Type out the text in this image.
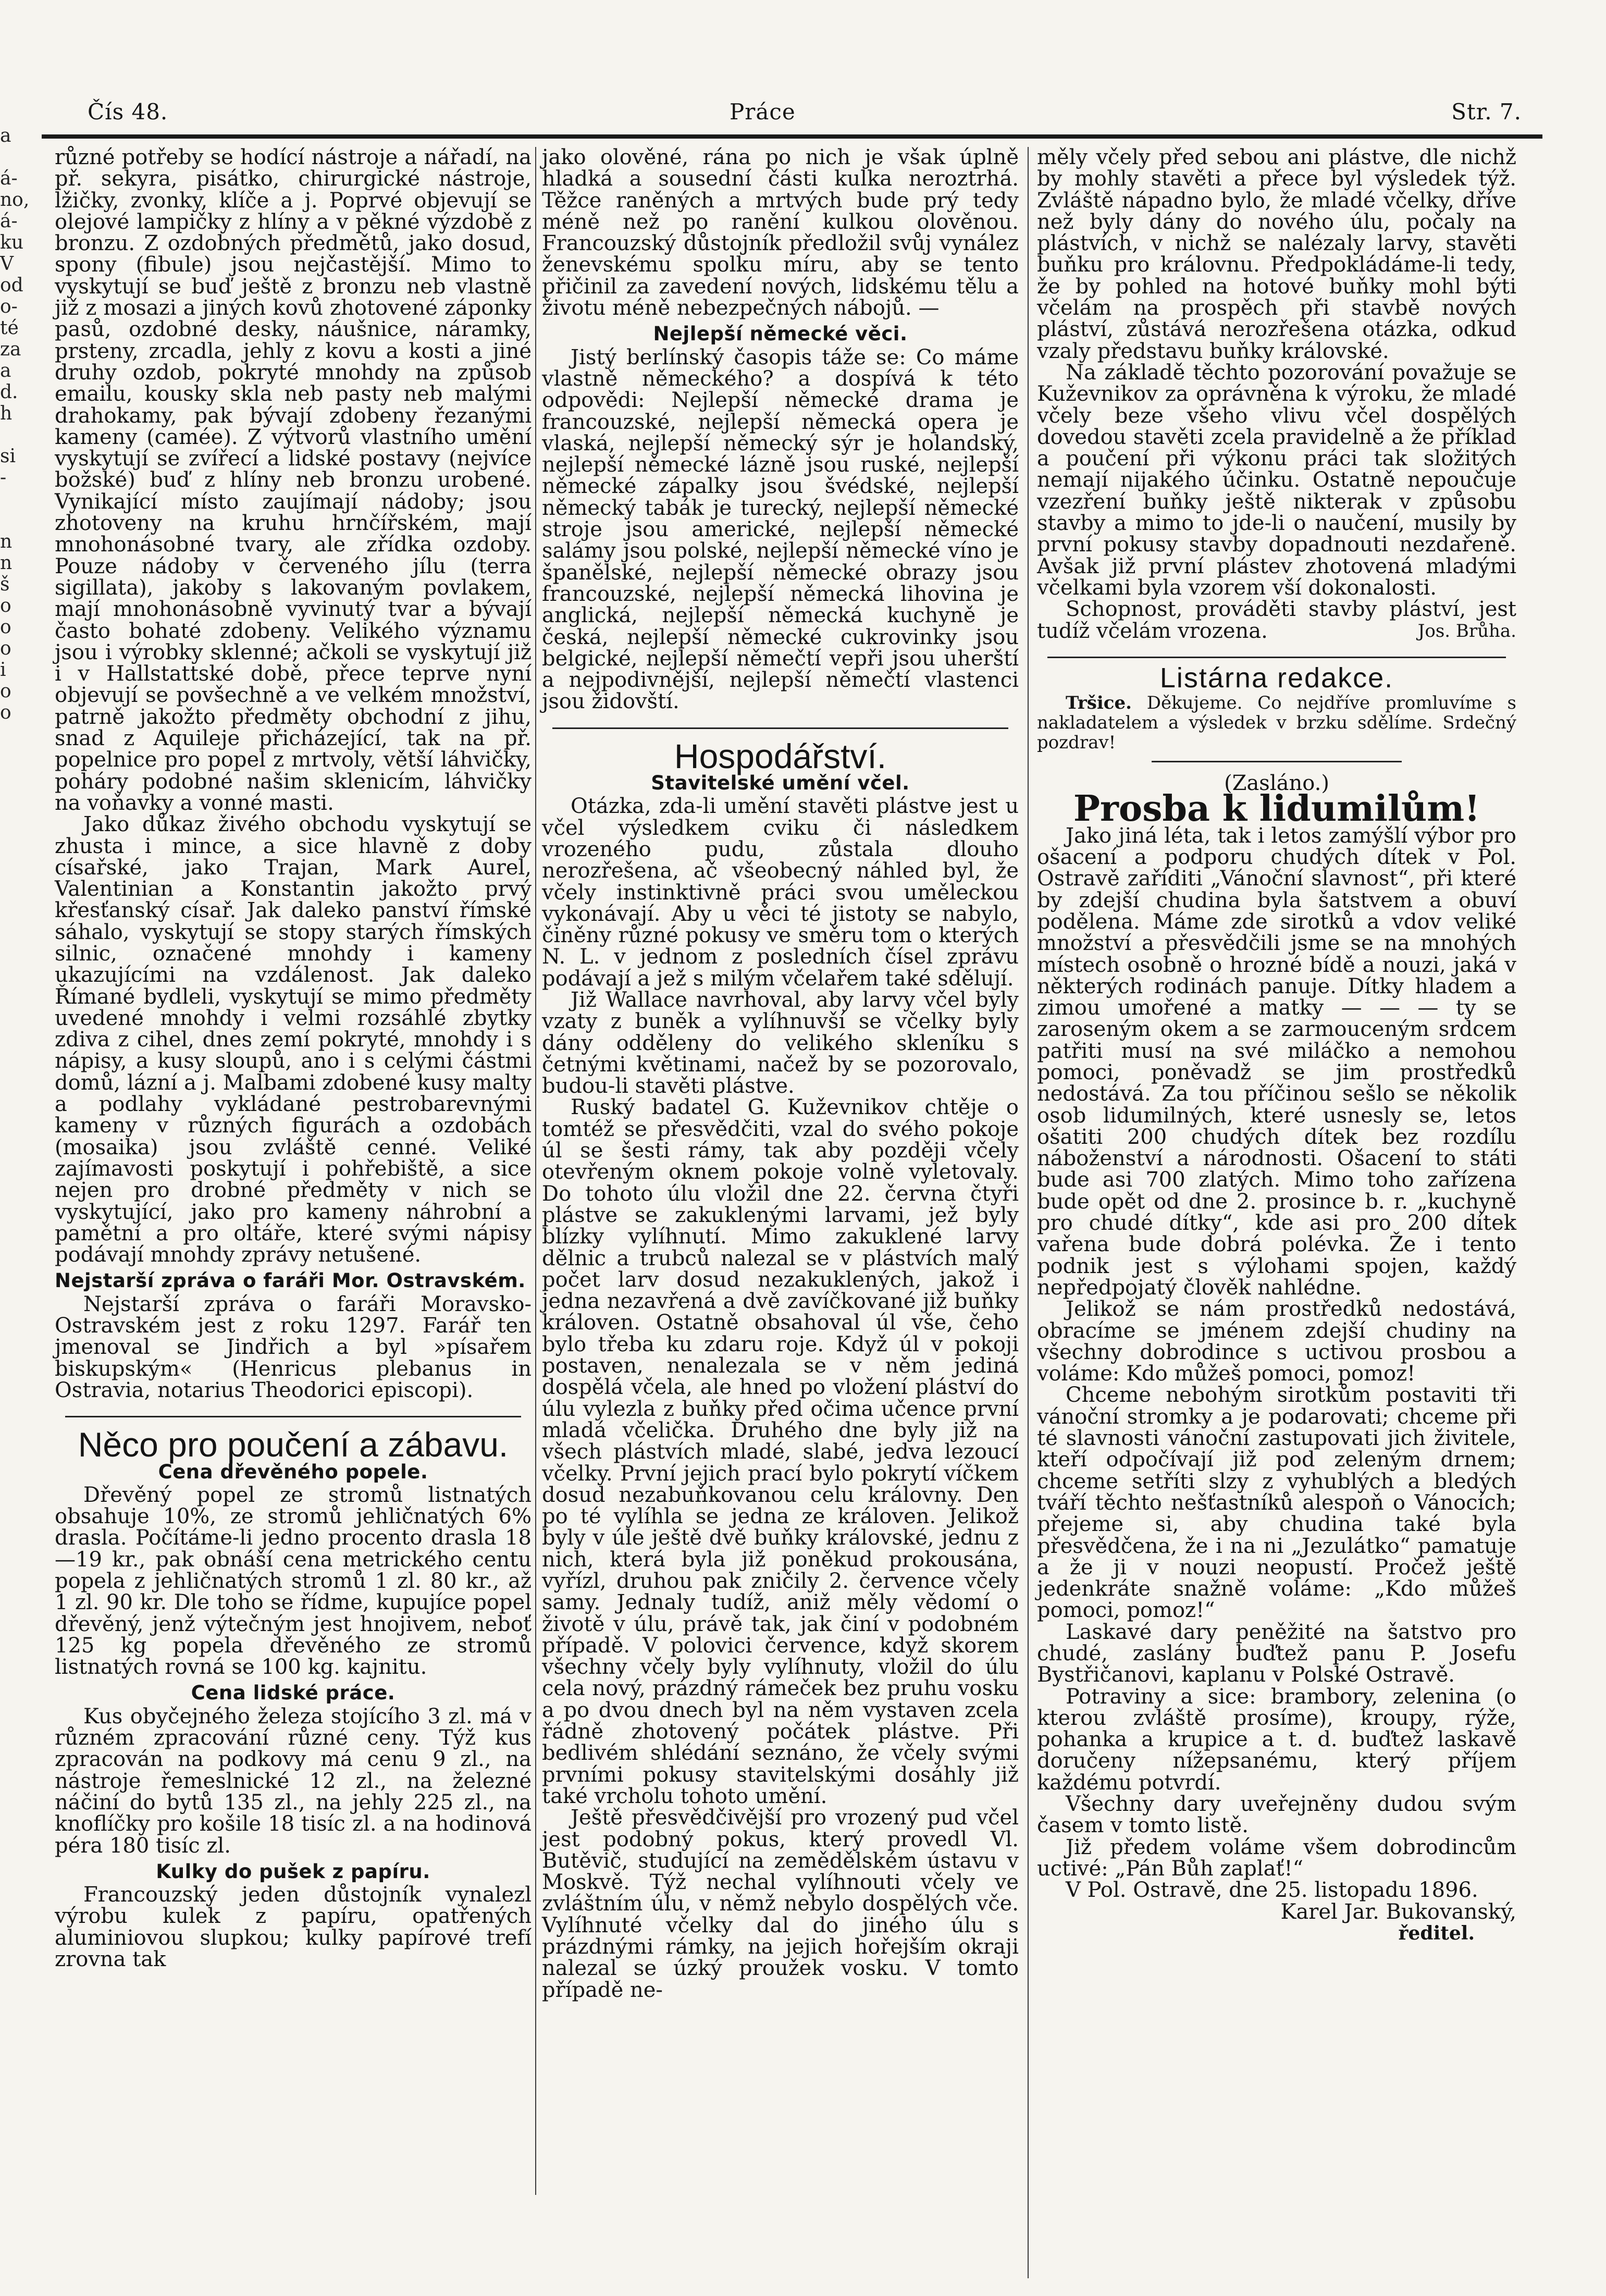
a

á-
no,
á-
ku
V
od
o-
té
za
a
d.
h

si
-

n
n
š
o
o
o
i
o
o
Čís 48.	Práce	Str. 7.

různé potřeby se hodící nástroje a nářadí, na př. sekyra, pisátko, chirurgické nástroje, lžičky, zvonky, klíče a j. Poprvé objevují se olejové lampičky z hlíny a v pěkné výzdobě z bronzu. Z ozdobných předmětů, jako dosud, spony (fibule) jsou nejčastější. Mimo to vyskytují se buď ještě z bronzu neb vlastně již z mosazi a jiných kovů zhotovené záponky pasů, ozdobné desky, náušnice, náramky, prsteny, zrcadla, jehly z kovu a kosti a jiné druhy ozdob, pokryté mnohdy na způsob emailu, kousky skla neb pasty neb malými drahokamy, pak bývají zdobeny řezanými kameny (camée). Z výtvorů vlastního umění vyskytují se zvířecí a lidské postavy (nejvíce božské) buď z hlíny neb bronzu urobené. Vynikající místo zaujímají nádoby; jsou zhotoveny na kruhu hrnčířském, mají mnohonásobné tvary, ale zřídka ozdoby. Pouze nádoby v červeného jílu (terra sigillata), jakoby s lakovaným povlakem, mají mnohonásobně vyvinutý tvar a bývají často bohaté zdobeny. Velikého významu jsou i výrobky sklenné; ačkoli se vyskytují již i v Hallstattské době, přece teprve nyní objevují se povšechně a ve velkém množství, patrně jakožto předměty obchodní z jihu, snad z Aquileje přicházející, tak na př. popelnice pro popel z mrtvoly, větší láhvičky, poháry podobné našim sklenicím, láhvičky na voňavky a vonné masti.

Jako důkaz živého obchodu vyskytují se zhusta i mince, a sice hlavně z doby císařské, jako Trajan, Mark Aurel, Valentinian a Konstantin jakožto prvý křesťanský císař. Jak daleko panství římské sáhalo, vyskytují se stopy starých římských silnic, označené mnohdy i kameny ukazujícími na vzdálenost. Jak daleko Římané bydleli, vyskytují se mimo předměty uvedené mnohdy i velmi rozsáhlé zbytky zdiva z cihel, dnes zemí pokryté, mnohdy i s nápisy, a kusy sloupů, ano i s celými částmi domů, lázní a j. Malbami zdobené kusy malty a podlahy vykládané pestrobarevnými kameny v různých figurách a ozdobách (mosaika) jsou zvláště cenné. Veliké zajímavosti poskytují i pohřebiště, a sice nejen pro drobné předměty v nich se vyskytující, jako pro kameny náhrobní a pamětní a pro oltáře, které svými nápisy podávají mnohdy zprávy netušené.

Nejstarší zpráva o faráři Mor. Ostravském.

Nejstarší zpráva o faráři Moravsko-Ostravském jest z roku 1297. Farář ten jmenoval se Jindřich a byl »písařem biskupským« (Henricus plebanus in Ostravia, notarius Theodorici episcopi).

Něco pro poučení a zábavu.
Cena dřevěného popele.

Dřevěný popel ze stromů listnatých obsahuje 10%, ze stromů jehličnatých 6% drasla. Počítáme-li jedno procento drasla 18—19 kr., pak obnáší cena metrického centu popela z jehličnatých stromů 1 zl. 80 kr., až 1 zl. 90 kr. Dle toho se řídme, kupujíce popel dřevěný, jenž výtečným jest hnojivem, neboť 125 kg popela dřevěného ze stromů listnatých rovná se 100 kg. kajnitu.

Cena lidské práce.

Kus obyčejného železa stojícího 3 zl. má v různém zpracování různé ceny. Týž kus zpracován na podkovy má cenu 9 zl., na nástroje řemeslnické 12 zl., na železné náčiní do bytů 135 zl., na jehly 225 zl., na knoflíčky pro košile 18 tisíc zl. a na hodinová péra 180 tisíc zl.

Kulky do pušek z papíru.

Francouzský jeden důstojník vynalezl výrobu kulek z papíru, opatřených aluminiovou slupkou; kulky papírové trefí zrovna tak

jako olověné, rána po nich je však úplně hladká a sousední části kulka neroztrhá. Těžce raněných a mrtvých bude prý tedy méně než po ranění kulkou olověnou. Francouzský důstojník předložil svůj vynález ženevskému spolku míru, aby se tento přičinil za zavedení nových, lidskému tělu a životu méně nebezpečných nábojů. —

Nejlepší německé věci.

Jistý berlínský časopis táže se: Co máme vlastně německého? a dospívá k této odpovědi: Nejlepší německé drama je francouzské, nejlepší německá opera je vlaská, nejlepší německý sýr je holandský, nejlepší německé lázně jsou ruské, nejlepší německé zápalky jsou švédské, nejlepší německý tabák je turecký, nejlepší německé stroje jsou americké, nejlepší německé salámy jsou polské, nejlepší německé víno je španělské, nejlepší německé obrazy jsou francouzské, nejlepší německá lihovina je anglická, nejlepší německá kuchyně je česká, nejlepší německé cukrovinky jsou belgické, nejlepší němečtí vepři jsou uherští a nejpodivnější, nejlepší němečtí vlastenci jsou židovští.

Hospodářství.
Stavitelské umění včel.

Otázka, zda-li umění stavěti plástve jest u včel výsledkem cviku či následkem vrozeného pudu, zůstala dlouho nerozřešena, ač všeobecný náhled byl, že včely instinktivně práci svou uměleckou vykonávají. Aby u věci té jistoty se nabylo, činěny různé pokusy ve směru tom o kterých N. L. v jednom z posledních čísel zprávu podávají a jež s milým včelařem také sdělují.

Již Wallace navrhoval, aby larvy včel byly vzaty z buněk a vylíhnuvší se včelky byly dány odděleny do velikého skleníku s četnými květinami, načež by se pozorovalo, budou-li stavěti plástve.

Ruský badatel G. Kuževnikov chtěje o tomtéž se přesvědčiti, vzal do svého pokoje úl se šesti rámy, tak aby později včely otevřeným oknem pokoje volně vyletovaly. Do tohoto úlu vložil dne 22. června čtyři plástve se zakuklenými larvami, jež byly blízky vylíhnutí. Mimo zakuklené larvy dělnic a trubců nalezal se v plástvích malý počet larv dosud nezakuklených, jakož i jedna nezavřená a dvě zavíčkované již buňky královen. Ostatně obsahoval úl vše, čeho bylo třeba ku zdaru roje. Když úl v pokoji postaven, nenalezala se v něm jediná dospělá včela, ale hned po vložení pláství do úlu vylezla z buňky před očima učence první mladá včelička. Druhého dne byly již na všech plástvích mladé, slabé, jedva lezoucí včelky. První jejich prací bylo pokrytí víčkem dosud nezabuňkovanou celu královny. Den po té vylíhla se jedna ze královen. Jelikož byly v úle ještě dvě buňky královské, jednu z nich, která byla již poněkud prokousána, vyřízl, druhou pak zničily 2. července včely samy. Jednaly tudíž, aniž měly vědomí o životě v úlu, právě tak, jak činí v podobném případě. V polovici července, když skorem všechny včely byly vylíhnuty, vložil do úlu cela nový, prázdný rámeček bez pruhu vosku a po dvou dnech byl na něm vystaven zcela řádně zhotovený počátek plástve. Při bedlivém shlédání seznáno, že včely svými prvními pokusy stavitelskými dosáhly již také vrcholu tohoto umění.

Ještě přesvědčivější pro vrozený pud včel jest podobný pokus, který provedl Vl. Butěvič, studující na zemědělském ústavu v Moskvě. Týž nechal vylíhnouti včely ve zvláštním úlu, v němž nebylo dospělých vče. Vylíhnuté včelky dal do jiného úlu s prázdnými rámky, na jejich hořejším okraji nalezal se úzký proužek vosku. V tomto případě ne-

měly včely před sebou ani plástve, dle nichž by mohly stavěti a přece byl výsledek týž. Zvláště nápadno bylo, že mladé včelky, dříve než byly dány do nového úlu, počaly na plástvích, v nichž se nalézaly larvy, stavěti buňku pro královnu. Předpokládáme-li tedy, že by pohled na hotové buňky mohl býti včelám na prospěch při stavbě nových pláství, zůstává nerozřešena otázka, odkud vzaly představu buňky královské.

Na základě těchto pozorování považuje se Kuževnikov za oprávněna k výroku, že mladé včely beze všeho vlivu včel dospělých dovedou stavěti zcela pravidelně a že příklad a poučení při výkonu práci tak složitých nemají nijakého účinku. Ostatně nepoučuje vzezření buňky ještě nikterak v způsobu stavby a mimo to jde-li o naučení, musily by první pokusy stavby dopadnouti nezdařeně. Avšak již první plástev zhotovená mladými včelkami byla vzorem vší dokonalosti.

Schopnost, prováděti stavby pláství, jest tudíž včelám vrozena.	Jos. Brůha.

Listárna redakce.

Tršice. Děkujeme. Co nejdříve promluvíme s nakladatelem a výsledek v brzku sdělíme. Srdečný pozdrav!

(Zasláno.)
Prosba k lidumilům!

Jako jiná léta, tak i letos zamýšlí výbor pro ošacení a podporu chudých dítek v Pol. Ostravě zaříditi „Vánoční slavnost“, při které by zdejší chudina byla šatstvem a obuví podělena. Máme zde sirotků a vdov veliké množství a přesvědčili jsme se na mnohých místech osobně o hrozné bídě a nouzi, jaká v některých rodinách panuje. Dítky hladem a zimou umořené a matky — — — ty se zaroseným okem a se zarmouceným srdcem patřiti musí na své miláčko a nemohou pomoci, poněvadž se jim prostředků nedostává. Za tou příčinou sešlo se několik osob lidumilných, které usnesly se, letos ošatiti 200 chudých dítek bez rozdílu náboženství a národnosti. Ošacení to státi bude asi 700 zlatých. Mimo toho zařízena bude opět od dne 2. prosince b. r. „kuchyně pro chudé dítky“, kde asi pro 200 dítek vařena bude dobrá polévka. Že i tento podnik jest s výlohami spojen, každý nepředpojatý člověk nahlédne.

Jelikož se nám prostředků nedostává, obracíme se jménem zdejší chudiny na všechny dobrodince s uctivou prosbou a voláme: Kdo můžeš pomoci, pomoz!

Chceme nebohým sirotkům postaviti tři vánoční stromky a je podarovati; chceme při té slavnosti vánoční zastupovati jich živitele, kteří odpočívají již pod zeleným drnem; chceme setříti slzy z vyhublých a bledých tváří těchto nešťastníků alespoň o Vánocích; přejeme si, aby chudina také byla přesvědčena, že i na ni „Jezulátko“ pamatuje a že ji v nouzi neopustí. Pročež ještě jedenkráte snažně voláme: „Kdo můžeš pomoci, pomoz!“

Laskavé dary peněžité na šatstvo pro chudé, zaslány buďtež panu P. Josefu Bystřičanovi, kaplanu v Polské Ostravě.

Potraviny a sice: brambory, zelenina (o kterou zvláště prosíme), kroupy, rýže, pohanka a krupice a t. d. buďtež laskavě doručeny nížepsanému, který příjem každému potvrdí.

Všechny dary uveřejněny dudou svým časem v tomto listě.

Již předem voláme všem dobrodincům uctivé: „Pán Bůh zaplať!“

V Pol. Ostravě, dne 25. listopadu 1896.

Karel Jar. Bukovanský,
ředitel.
